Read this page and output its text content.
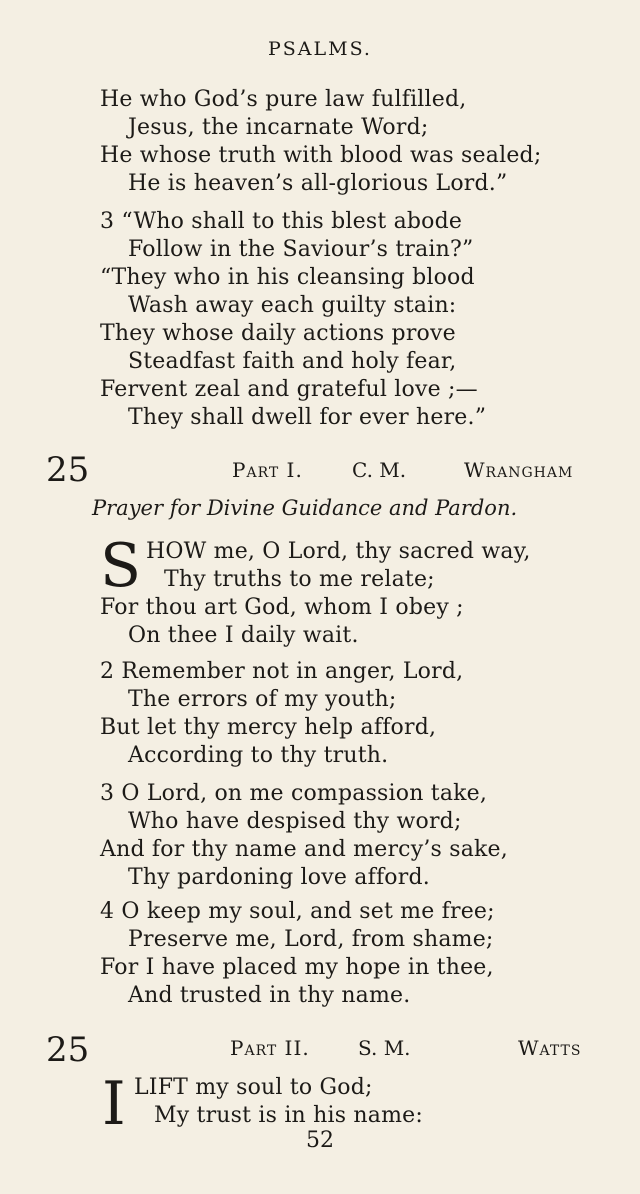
PSALMS.
He who God’s pure law fulfilled,
Jesus, the incarnate Word;
He whose truth with blood was sealed;
He is heaven’s all-glorious Lord.”
3 “Who shall to this blest abode
Follow in the Saviour’s train?”
“They who in his cleansing blood
Wash away each guilty stain:
They whose daily actions prove
Steadfast faith and holy fear,
Fervent zeal and grateful love ;—
They shall dwell for ever here.”
25	Part I. C. M.	Wrangham
Prayer for Divine Guidance and Pardon.
S HOW me, O Lord, thy sacred way,
Thy truths to me relate;
For thou art God, whom I obey ;
On thee I daily wait.
2 Remember not in anger, Lord,
The errors of my youth;
But let thy mercy help afford,
According to thy truth.
3 O Lord, on me compassion take,
Who have despised thy word;
And for thy name and mercy’s sake,
Thy pardoning love afford.
4 O keep my soul, and set me free;
Preserve me, Lord, from shame;
For I have placed my hope in thee,
And trusted in thy name.
25	Part II. S. M.	Watts
I LIFT my soul to God;
My trust is in his name:
52
